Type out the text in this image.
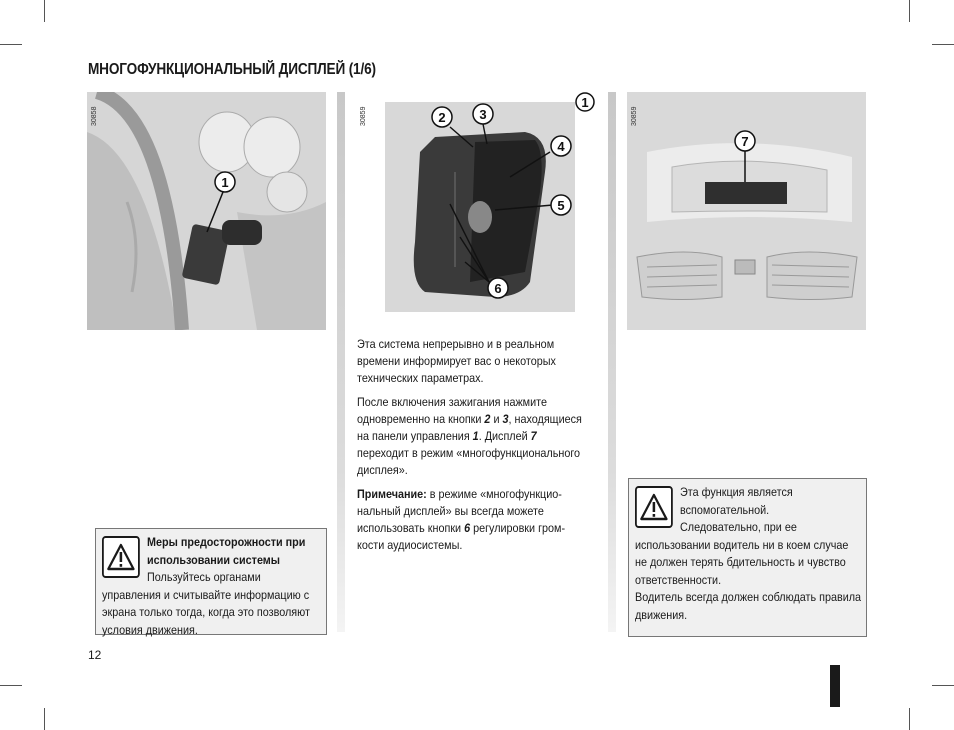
МНОГОФУНКЦИОНАЛЬНЫЙ ДИСПЛЕЙ (1/6)
1
30858
1
2	3
4
5
6
30859
7
30859

Эта система непрерывно и в реальном времени информирует вас о некоторых технических параметрах.

После включения зажигания нажмите одновременно на кнопки 2 и 3, находящиеся на панели управления 1. Дисплей 7 переходит в режим «многофункционального дисплея».

Примечание: в режиме «многофункцио-нальный дисплей» вы всегда можете использовать кнопки 6 регулировки гром-кости аудиосистемы.

Меры предосторожности при использовании системы
Пользуйтесь органами управления и считывайте информацию с экрана только тогда, когда это позволяют условия движения.
Эта функция является вспомогательной.
Следовательно, при ее использовании водитель ни в коем случае не должен терять бдительность и чувство ответственности.
Водитель всегда должен соблюдать правила движения.
12
